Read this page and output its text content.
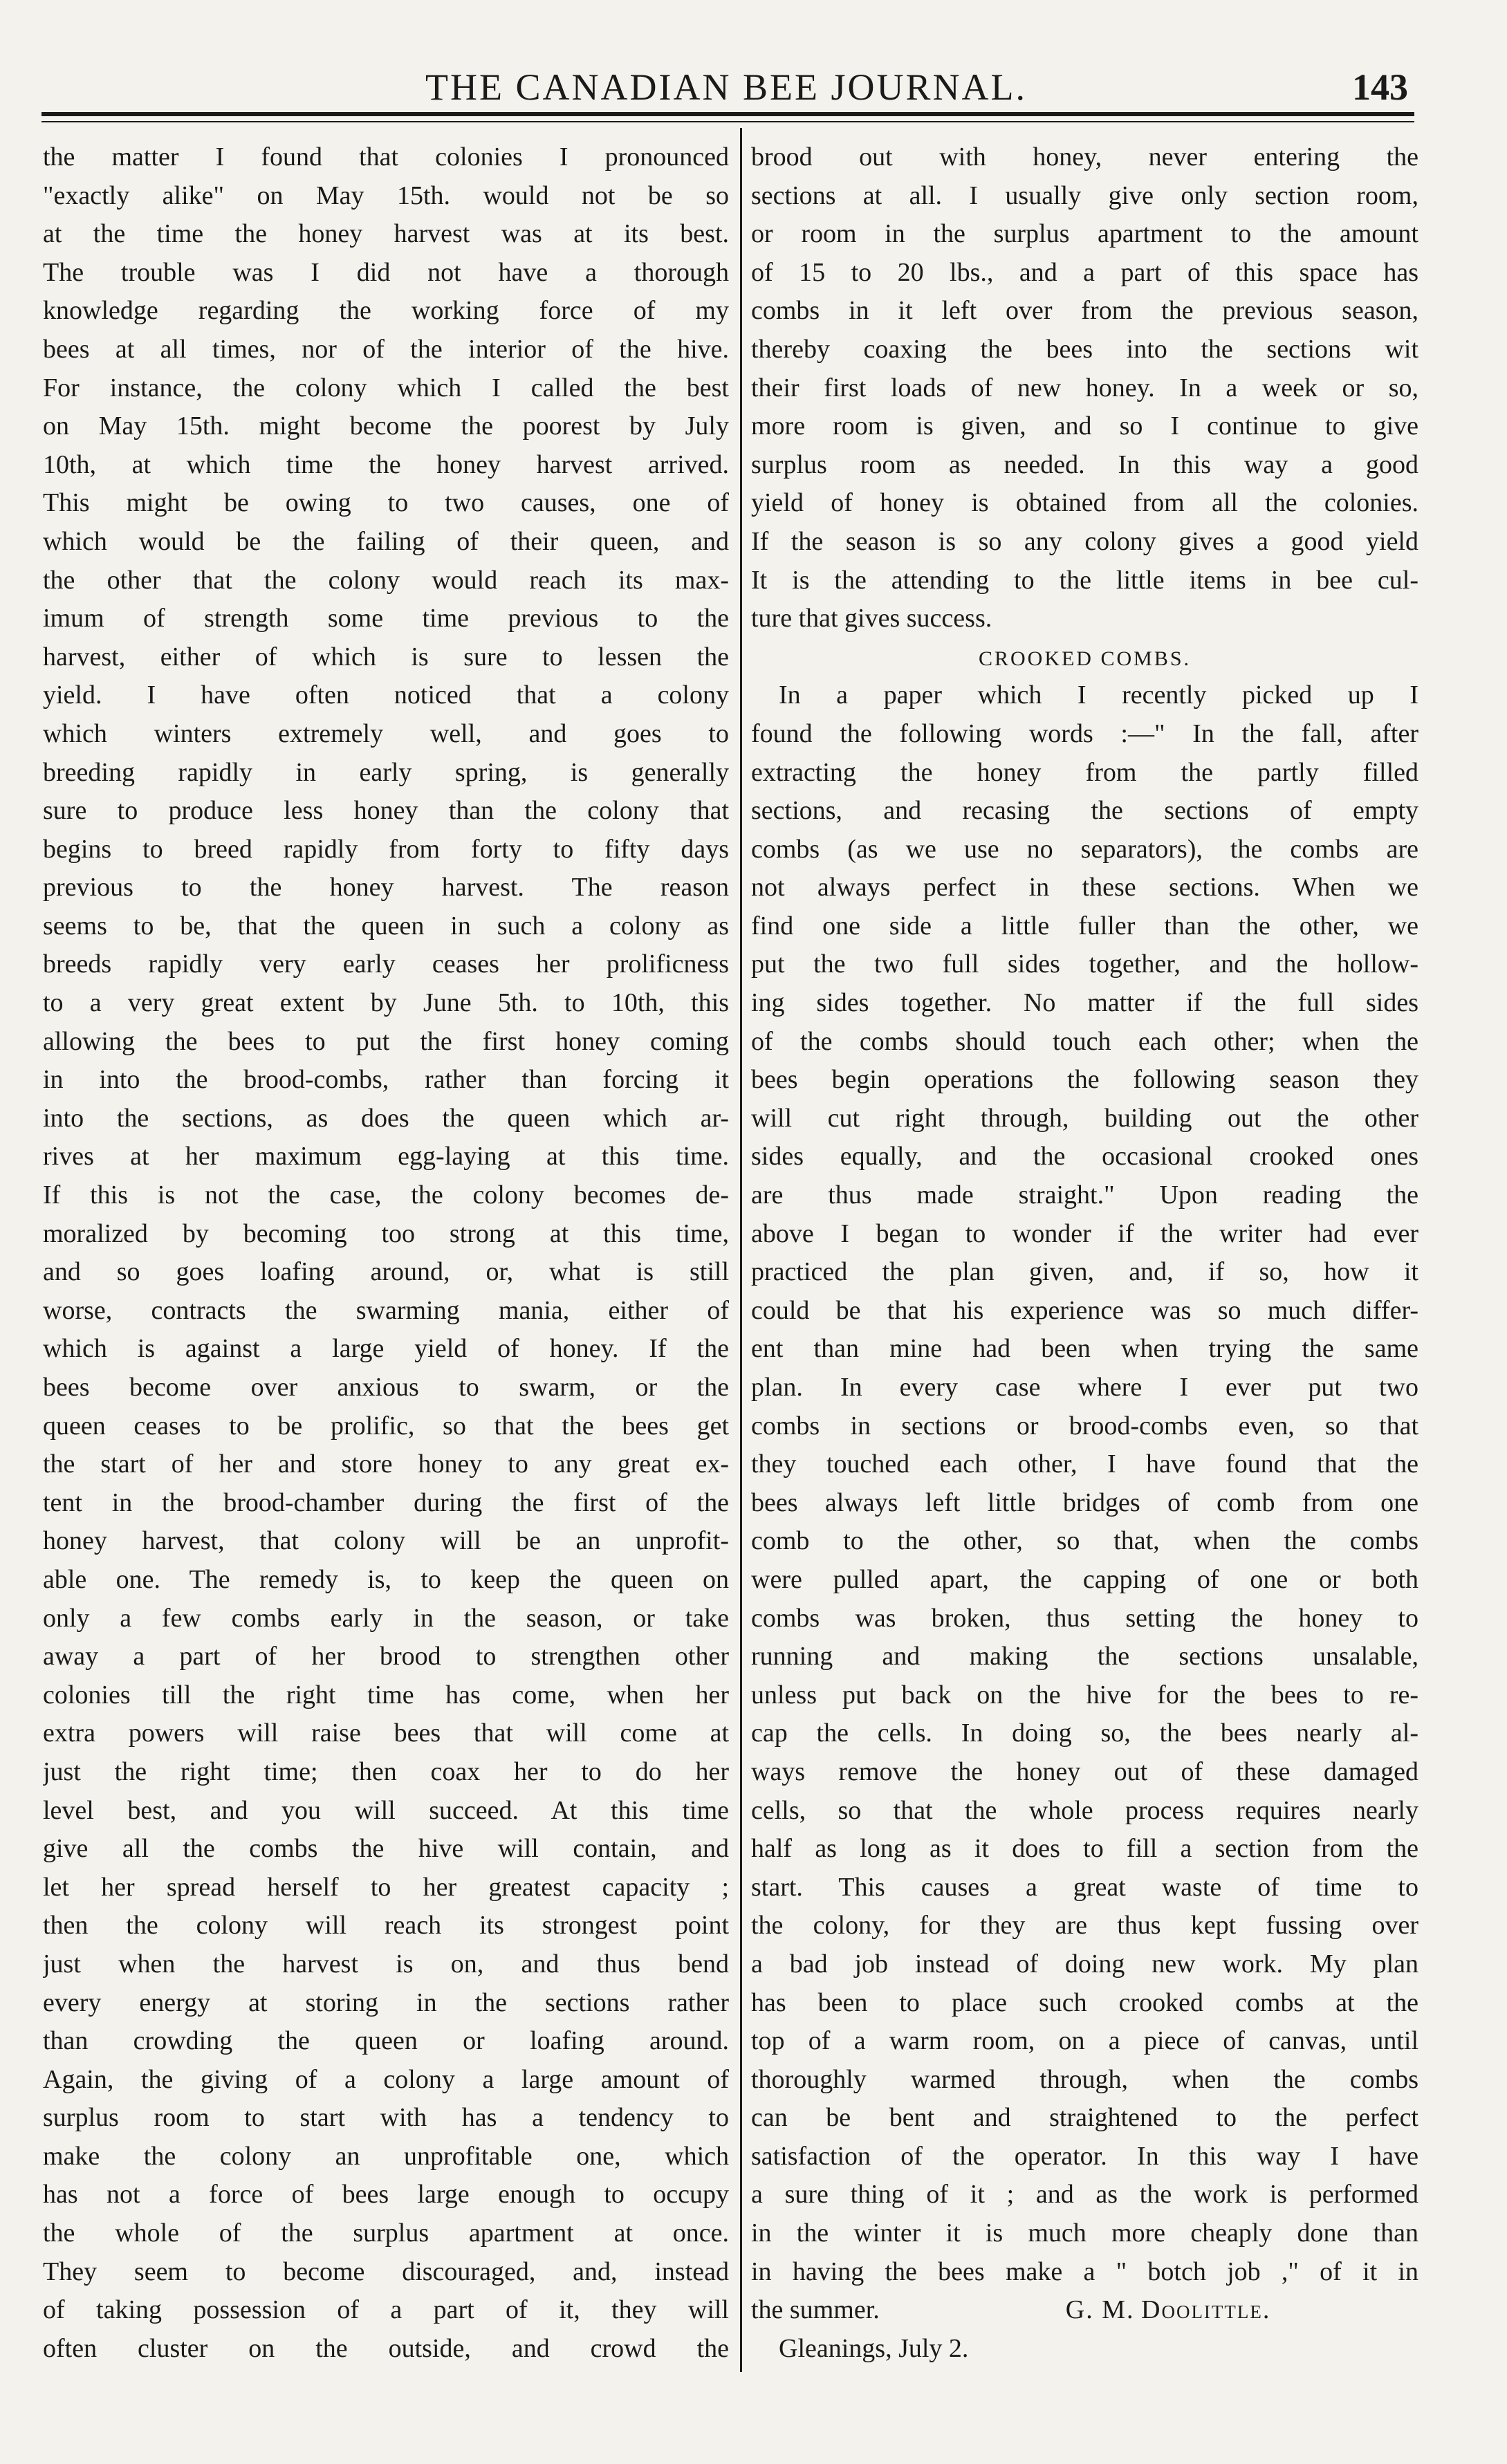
THE CANADIAN BEE JOURNAL.	143
the matter I found that colonies I pronounced
"exactly alike" on May 15th. would not be so
at the time the honey harvest was at its best.
The trouble was I did not have a thorough
knowledge regarding the working force of my
bees at all times, nor of the interior of the hive.
For instance, the colony which I called the best
on May 15th. might become the poorest by July
10th, at which time the honey harvest arrived.
This might be owing to two causes, one of
which would be the failing of their queen, and
the other that the colony would reach its max-
imum of strength some time previous to the
harvest, either of which is sure to lessen the
yield. I have often noticed that a colony
which winters extremely well, and goes to
breeding rapidly in early spring, is generally
sure to produce less honey than the colony that
begins to breed rapidly from forty to fifty days
previous to the honey harvest. The reason
seems to be, that the queen in such a colony as
breeds rapidly very early ceases her prolificness
to a very great extent by June 5th. to 10th, this
allowing the bees to put the first honey coming
in into the brood-combs, rather than forcing it
into the sections, as does the queen which ar-
rives at her maximum egg-laying at this time.
If this is not the case, the colony becomes de-
moralized by becoming too strong at this time,
and so goes loafing around, or, what is still
worse, contracts the swarming mania, either of
which is against a large yield of honey. If the
bees become over anxious to swarm, or the
queen ceases to be prolific, so that the bees get
the start of her and store honey to any great ex-
tent in the brood-chamber during the first of the
honey harvest, that colony will be an unprofit-
able one. The remedy is, to keep the queen on
only a few combs early in the season, or take
away a part of her brood to strengthen other
colonies till the right time has come, when her
extra powers will raise bees that will come at
just the right time; then coax her to do her
level best, and you will succeed. At this time
give all the combs the hive will contain, and
let her spread herself to her greatest capacity ;
then the colony will reach its strongest point
just when the harvest is on, and thus bend
every energy at storing in the sections rather
than crowding the queen or loafing around.
Again, the giving of a colony a large amount of
surplus room to start with has a tendency to
make the colony an unprofitable one, which
has not a force of bees large enough to occupy
the whole of the surplus apartment at once.
They seem to become discouraged, and, instead
of taking possession of a part of it, they will
often cluster on the outside, and crowd the
brood out with honey, never entering the
sections at all. I usually give only section room,
or room in the surplus apartment to the amount
of 15 to 20 lbs., and a part of this space has
combs in it left over from the previous season,
thereby coaxing the bees into the sections wit
their first loads of new honey. In a week or so,
more room is given, and so I continue to give
surplus room as needed. In this way a good
yield of honey is obtained from all the colonies.
If the season is so any colony gives a good yield
It is the attending to the little items in bee cul-
ture that gives success.
CROOKED COMBS.
In a paper which I recently picked up I
found the following words :—" In the fall, after
extracting the honey from the partly filled
sections, and recasing the sections of empty
combs (as we use no separators), the combs are
not always perfect in these sections. When we
find one side a little fuller than the other, we
put the two full sides together, and the hollow-
ing sides together. No matter if the full sides
of the combs should touch each other; when the
bees begin operations the following season they
will cut right through, building out the other
sides equally, and the occasional crooked ones
are thus made straight." Upon reading the
above I began to wonder if the writer had ever
practiced the plan given, and, if so, how it
could be that his experience was so much differ-
ent than mine had been when trying the same
plan. In every case where I ever put two
combs in sections or brood-combs even, so that
they touched each other, I have found that the
bees always left little bridges of comb from one
comb to the other, so that, when the combs
were pulled apart, the capping of one or both
combs was broken, thus setting the honey to
running and making the sections unsalable,
unless put back on the hive for the bees to re-
cap the cells. In doing so, the bees nearly al-
ways remove the honey out of these damaged
cells, so that the whole process requires nearly
half as long as it does to fill a section from the
start. This causes a great waste of time to
the colony, for they are thus kept fussing over
a bad job instead of doing new work. My plan
has been to place such crooked combs at the
top of a warm room, on a piece of canvas, until
thoroughly warmed through, when the combs
can be bent and straightened to the perfect
satisfaction of the operator. In this way I have
a sure thing of it ; and as the work is performed
in the winter it is much more cheaply done than
in having the bees make a " botch job ," of it in
the summer.	G. M. Doolittle.
Gleanings, July 2.
